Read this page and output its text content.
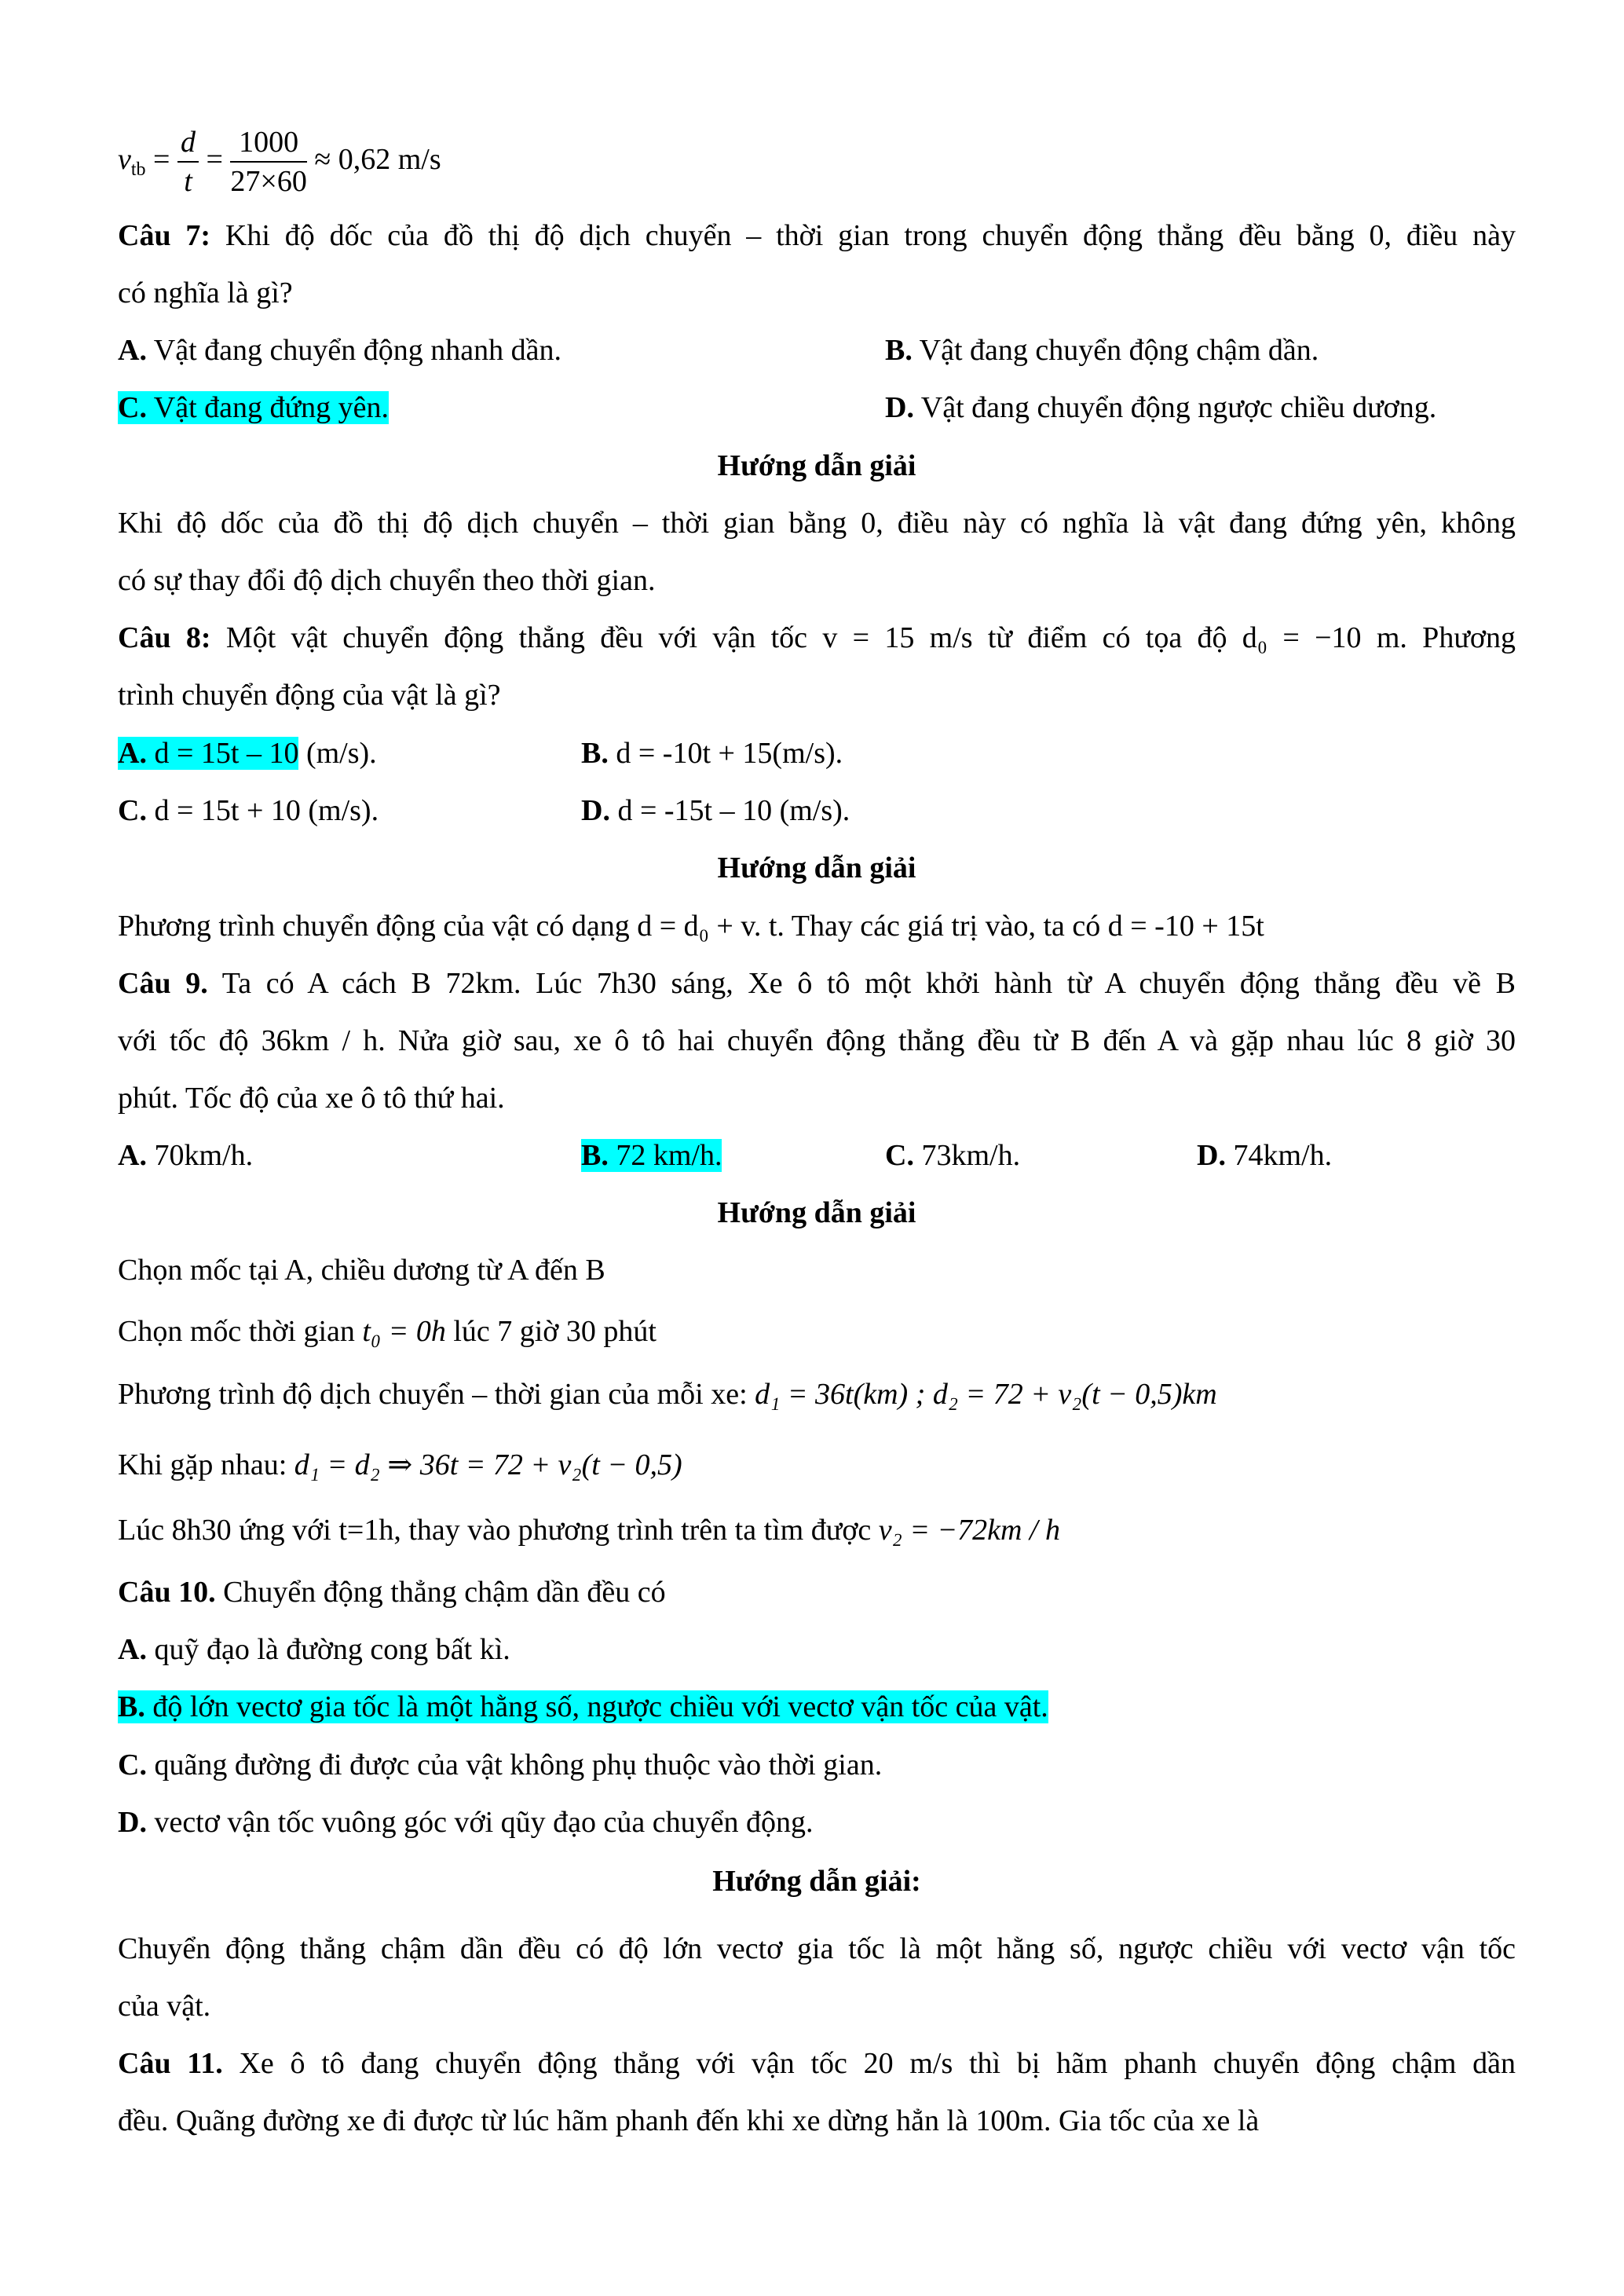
$v_{tb} = \frac{d}{t} = \frac{1000}{27\times 60} \approx 0,62$ m/s
Câu 7: Khi độ dốc của đồ thị độ dịch chuyển – thời gian trong chuyển động thẳng đều bằng 0, điều này
có nghĩa là gì?
A. Vật đang chuyển động nhanh dần.	B. Vật đang chuyển động chậm dần.
C. Vật đang đứng yên.	D. Vật đang chuyển động ngược chiều dương.
Hướng dẫn giải
Khi độ dốc của đồ thị độ dịch chuyển – thời gian bằng 0, điều này có nghĩa là vật đang đứng yên, không
có sự thay đổi độ dịch chuyển theo thời gian.
Câu 8: Một vật chuyển động thẳng đều với vận tốc v = 15 m/s từ điểm có tọa độ d₀ = −10 m. Phương
trình chuyển động của vật là gì?
A. d = 15t – 10 (m/s).	B. d = -10t + 15(m/s).
C. d = 15t + 10 (m/s).	D. d = -15t – 10 (m/s).
Hướng dẫn giải
Phương trình chuyển động của vật có dạng d = d₀ + v. t. Thay các giá trị vào, ta có d = -10 + 15t
Câu 9. Ta có A cách B 72km. Lúc 7h30 sáng, Xe ô tô một khởi hành từ A chuyển động thẳng đều về B
với tốc độ 36km / h. Nửa giờ sau, xe ô tô hai chuyển động thẳng đều từ B đến A và gặp nhau lúc 8 giờ 30
phút. Tốc độ của xe ô tô thứ hai.
A. 70km/h.	B. 72 km/h.	C. 73km/h.	D. 74km/h.
Hướng dẫn giải
Chọn mốc tại A, chiều dương từ A đến B
Chọn mốc thời gian t₀ = 0h lúc 7 giờ 30 phút
Phương trình độ dịch chuyển – thời gian của mỗi xe: d₁ = 36t(km) ; d₂ = 72 + v₂(t − 0,5)km
Khi gặp nhau: d₁ = d₂ ⇒ 36t = 72 + v₂(t − 0,5)
Lúc 8h30 ứng với t=1h, thay vào phương trình trên ta tìm được v₂ = −72km / h
Câu 10. Chuyển động thẳng chậm dần đều có
A. quỹ đạo là đường cong bất kì.
B. độ lớn vectơ gia tốc là một hằng số, ngược chiều với vectơ vận tốc của vật.
C. quãng đường đi được của vật không phụ thuộc vào thời gian.
D. vectơ vận tốc vuông góc với qũy đạo của chuyển động.
Hướng dẫn giải:
Chuyển động thẳng chậm dần đều có độ lớn vectơ gia tốc là một hằng số, ngược chiều với vectơ vận tốc
của vật.
Câu 11. Xe ô tô đang chuyển động thẳng với vận tốc 20 m/s thì bị hãm phanh chuyển động chậm dần
đều. Quãng đường xe đi được từ lúc hãm phanh đến khi xe dừng hẳn là 100m. Gia tốc của xe là
